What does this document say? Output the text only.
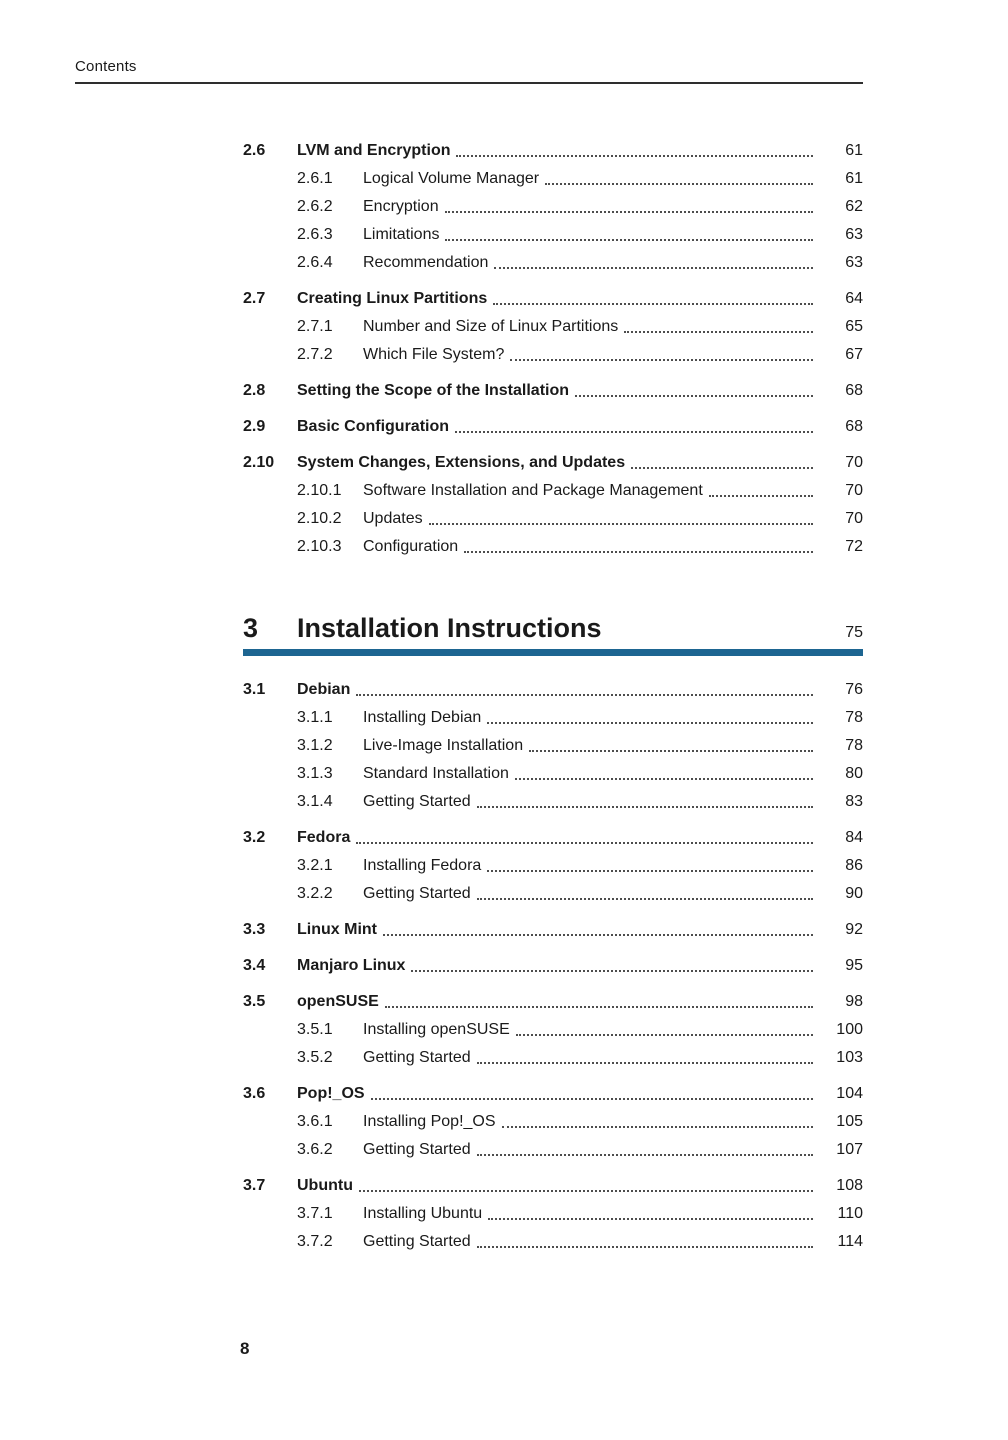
Contents
2.6	LVM and Encryption	61
2.6.1	Logical Volume Manager	61
2.6.2	Encryption	62
2.6.3	Limitations	63
2.6.4	Recommendation	63
2.7	Creating Linux Partitions	64
2.7.1	Number and Size of Linux Partitions	65
2.7.2	Which File System?	67
2.8	Setting the Scope of the Installation	68
2.9	Basic Configuration	68
2.10	System Changes, Extensions, and Updates	70
2.10.1	Software Installation and Package Management	70
2.10.2	Updates	70
2.10.3	Configuration	72
3	Installation Instructions	75
3.1	Debian	76
3.1.1	Installing Debian	78
3.1.2	Live-Image Installation	78
3.1.3	Standard Installation	80
3.1.4	Getting Started	83
3.2	Fedora	84
3.2.1	Installing Fedora	86
3.2.2	Getting Started	90
3.3	Linux Mint	92
3.4	Manjaro Linux	95
3.5	openSUSE	98
3.5.1	Installing openSUSE	100
3.5.2	Getting Started	103
3.6	Pop!_OS	104
3.6.1	Installing Pop!_OS	105
3.6.2	Getting Started	107
3.7	Ubuntu	108
3.7.1	Installing Ubuntu	110
3.7.2	Getting Started	114
8
